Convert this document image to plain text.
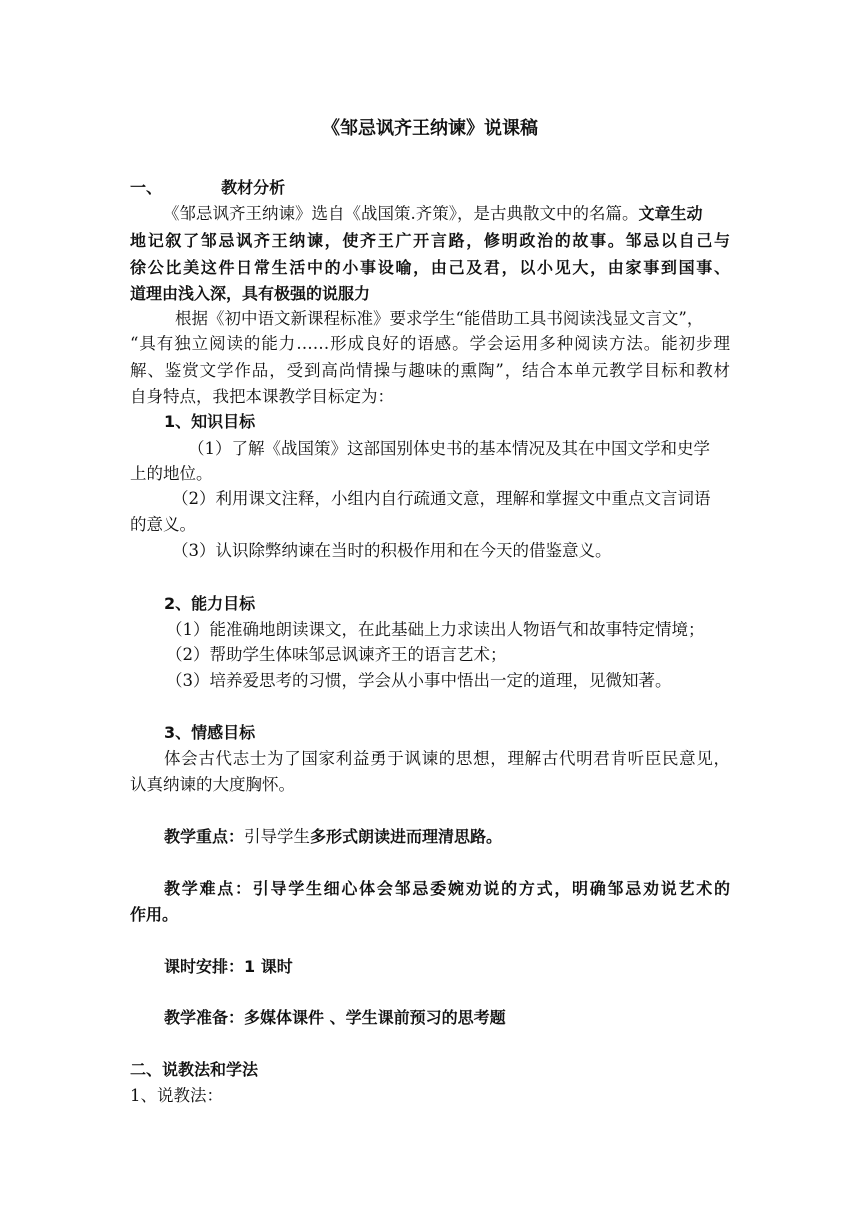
《邹忌讽齐王纳谏》说课稿
一、	教材分析
《邹忌讽齐王纳谏》选自《战国策.齐策》，是古典散文中的名篇。文章生动
地记叙了邹忌讽齐王纳谏，使齐王广开言路，修明政治的故事。邹忌以自己与
徐公比美这件日常生活中的小事设喻，由己及君，以小见大，由家事到国事、
道理由浅入深，具有极强的说服力
根据《初中语文新课程标准》要求学生“能借助工具书阅读浅显文言文”，
“具有独立阅读的能力……形成良好的语感。学会运用多种阅读方法。能初步理
解、鉴赏文学作品，受到高尚情操与趣味的熏陶”，结合本单元教学目标和教材
自身特点，我把本课教学目标定为：
1、知识目标
（1）了解《战国策》这部国别体史书的基本情况及其在中国文学和史学
上的地位。
（2）利用课文注释，小组内自行疏通文意，理解和掌握文中重点文言词语
的意义。
（3）认识除弊纳谏在当时的积极作用和在今天的借鉴意义。
2、能力目标
（1）能准确地朗读课文，在此基础上力求读出人物语气和故事特定情境；
（2）帮助学生体味邹忌讽谏齐王的语言艺术；
（3）培养爱思考的习惯，学会从小事中悟出一定的道理，见微知著。
3、情感目标
体会古代志士为了国家利益勇于讽谏的思想，理解古代明君肯听臣民意见，
认真纳谏的大度胸怀。
教学重点：引导学生多形式朗读进而理清思路。
教学难点：引导学生细心体会邹忌委婉劝说的方式，明确邹忌劝说艺术的
作用。
课时安排：1 课时
教学准备：多媒体课件 、学生课前预习的思考题
二、说教法和学法
1、说教法：
